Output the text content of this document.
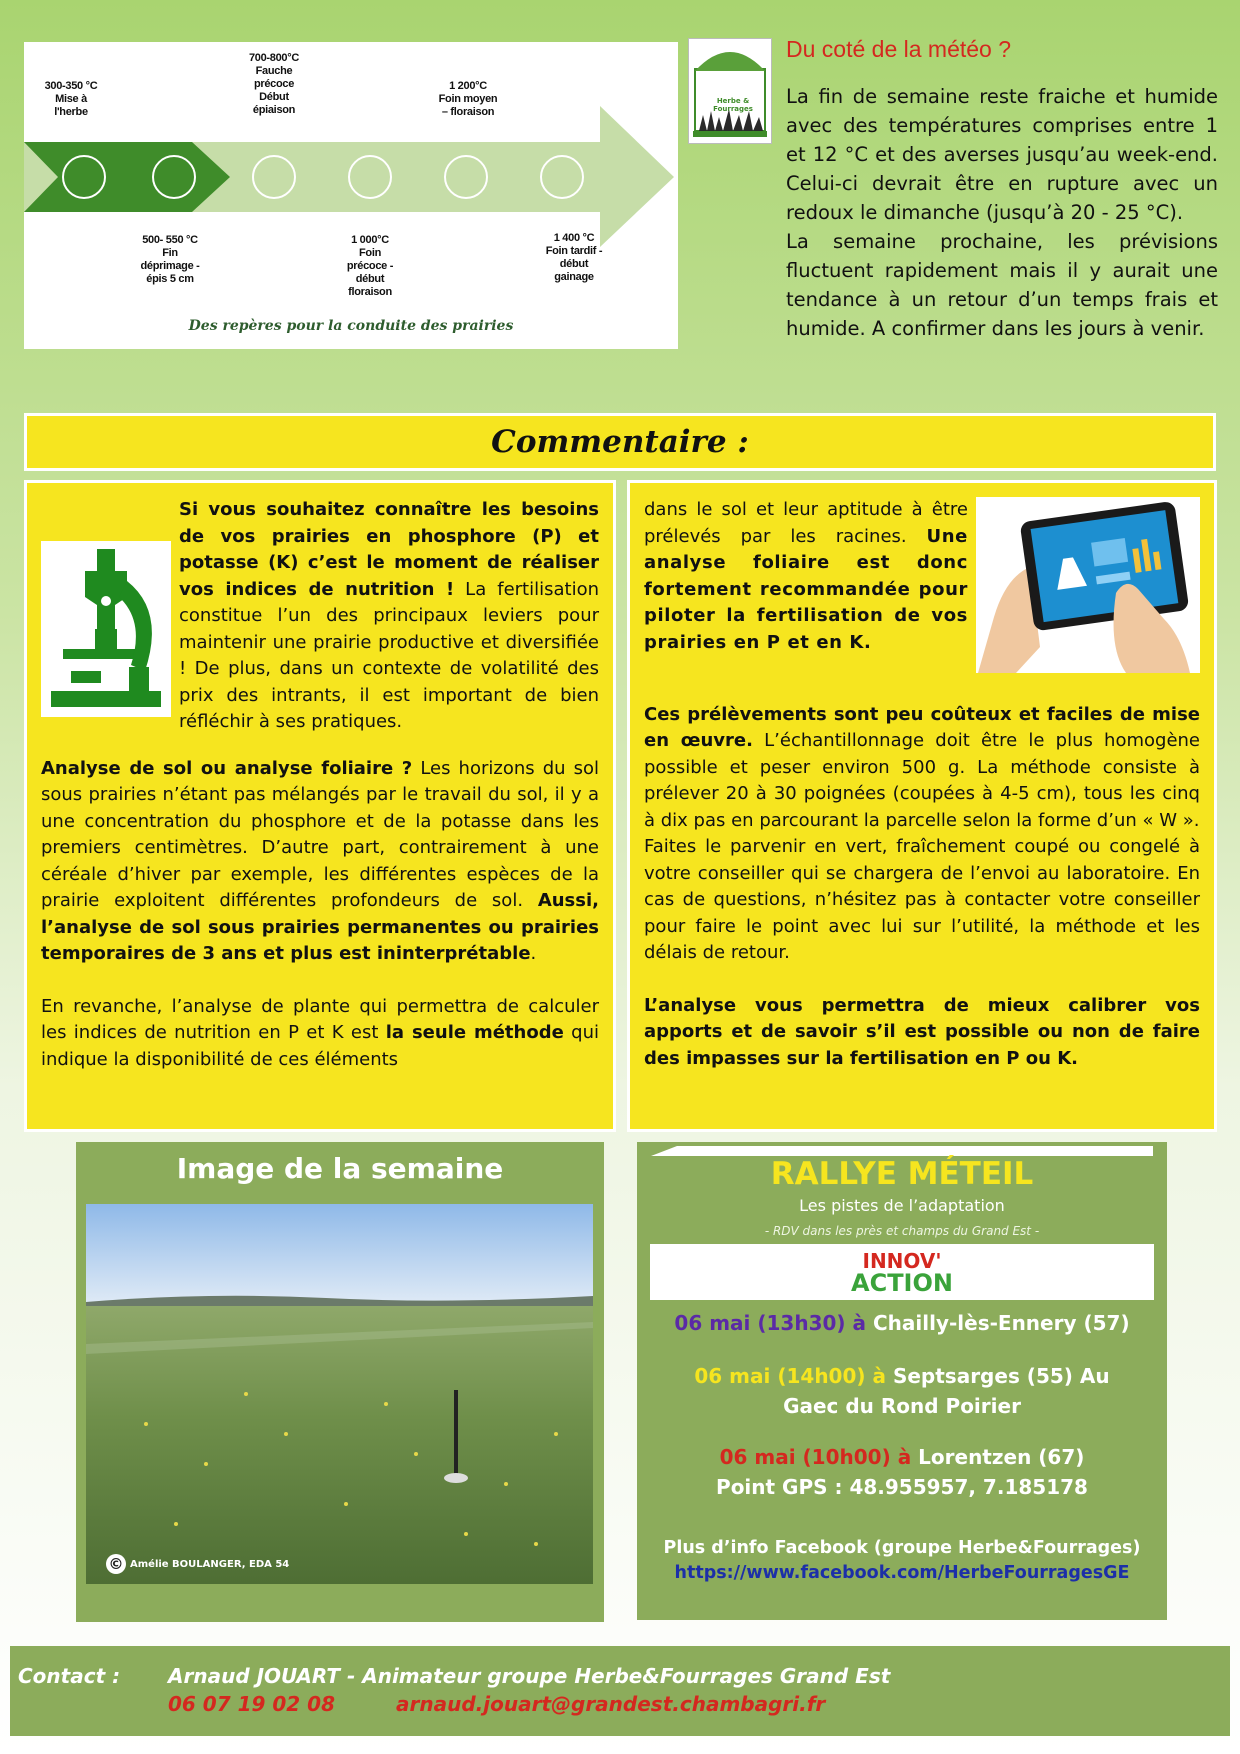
300-350 °C
Mise à
l'herbe
500- 550 °C
Fin
déprimage -
épis 5 cm
700-800°C
Fauche
précoce
Début
épiaison
1 000°C
Foin
précoce -
début
floraison
1 200°C
Foin moyen
– floraison
1 400 °C
Foin tardif -
début
gainage
Des repères pour la conduite des prairies
Herbe & Fourrages
Du coté de la météo ?

La fin de semaine reste fraiche et humide avec des températures comprises entre 1 et 12 °C et des averses jusqu’au week-end. Celui-ci devrait être en rupture avec un redoux le dimanche (jusqu’à 20 - 25 °C).

La semaine prochaine, les prévisions fluctuent rapidement mais il y aurait une tendance à un retour d’un temps frais et humide. A confirmer dans les jours à venir.

Commentaire :

Si vous souhaitez connaître les besoins de vos prairies en phosphore (P) et potasse (K) c’est le moment de réaliser vos indices de nutrition ! La fertilisation constitue l’un des principaux leviers pour maintenir une prairie productive et diversifiée ! De plus, dans un contexte de volatilité des prix des intrants, il est important de bien réfléchir à ses pratiques.

Analyse de sol ou analyse foliaire ? Les horizons du sol sous prairies n’étant pas mélangés par le travail du sol, il y a une concentration du phosphore et de la potasse dans les premiers centimètres. D’autre part, contrairement à une céréale d’hiver par exemple, les différentes espèces de la prairie exploitent différentes profondeurs de sol. Aussi, l’analyse de sol sous prairies permanentes ou prairies temporaires de 3 ans et plus est ininterprétable.

En revanche, l’analyse de plante qui permettra de calculer les indices de nutrition en P et K est la seule méthode qui indique la disponibilité de ces éléments

dans le sol et leur aptitude à être prélevés par les racines. Une analyse foliaire est donc fortement recommandée pour piloter la fertilisation de vos prairies en P et en K.

Ces prélèvements sont peu coûteux et faciles de mise en œuvre. L’échantillonnage doit être le plus homogène possible et peser environ 500 g. La méthode consiste à prélever 20 à 30 poignées (coupées à 4-5 cm), tous les cinq à dix pas en parcourant la parcelle selon la forme d’un « W ».

Faites le parvenir en vert, fraîchement coupé ou congelé à votre conseiller qui se chargera de l’envoi au laboratoire. En cas de questions, n’hésitez pas à contacter votre conseiller pour faire le point avec lui sur l’utilité, la méthode et les délais de retour.

L’analyse vous permettra de mieux calibrer vos apports et de savoir s’il est possible ou non de faire des impasses sur la fertilisation en P ou K.

Image de la semaine
© Amélie BOULANGER, EDA 54
RALLYE MÉTEIL
Les pistes de l’adaptation
- RDV dans les près et champs du Grand Est -
INNOV'
ACTION
06 mai (13h30) à Chailly-lès-Ennery (57)
06 mai (14h00) à Septsarges (55) Au
Gaec du Rond Poirier
06 mai (10h00) à Lorentzen (67)
Point GPS : 48.955957, 7.185178
Plus d’info Facebook (groupe Herbe&Fourrages)
https://www.facebook.com/HerbeFourragesGE
Contact : Arnaud JOUART - Animateur groupe Herbe&Fourrages Grand Est
06 07 19 02 08	arnaud.jouart@grandest.chambagri.fr
